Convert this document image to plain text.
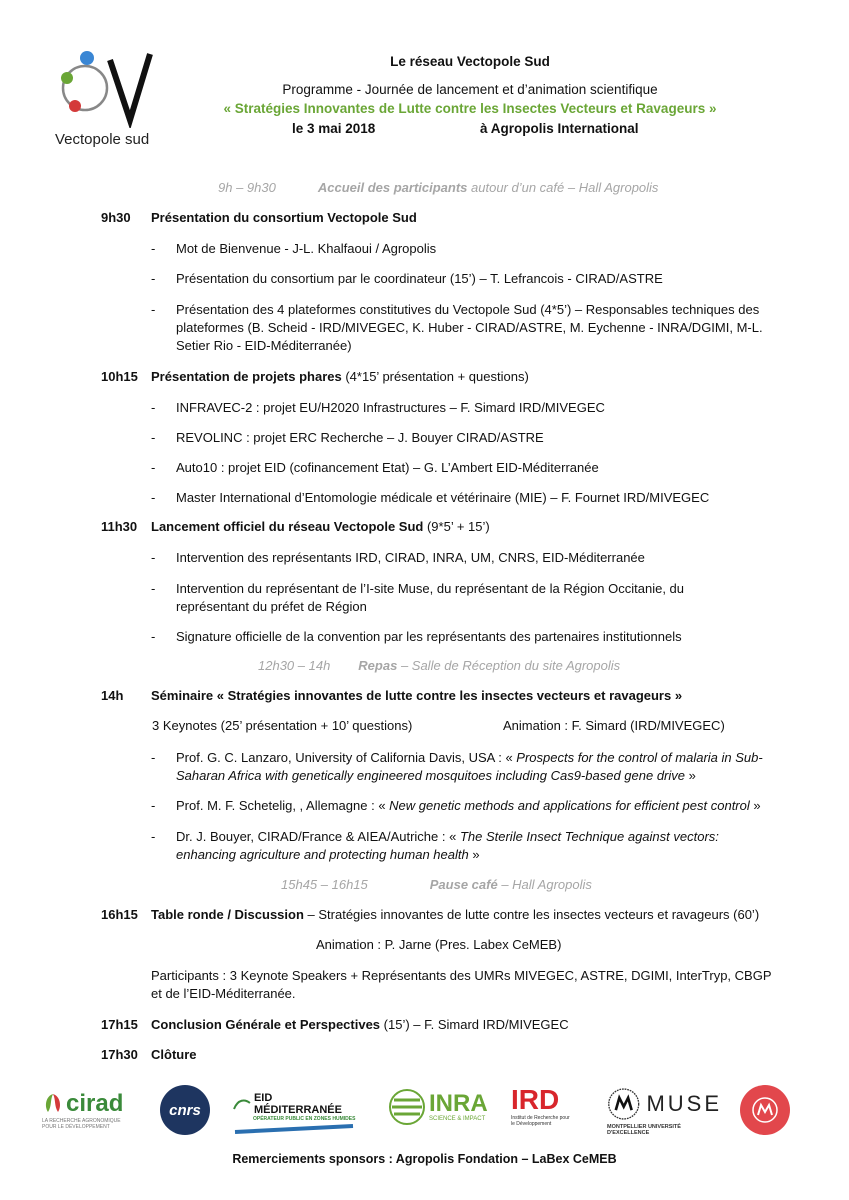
Vectopole sud
Le réseau Vectopole Sud
Programme - Journée de lancement et d’animation scientifique
« Stratégies Innovantes de Lutte contre les Insectes Vecteurs et Ravageurs »
le 3 mai 2018	à Agropolis International
9h – 9h30	Accueil des participants autour d’un café – Hall Agropolis
9h30 Présentation du consortium Vectopole Sud
- Mot de Bienvenue - J-L. Khalfaoui / Agropolis
- Présentation du consortium par le coordinateur (15’) – T. Lefrancois - CIRAD/ASTRE
- Présentation des 4 plateformes constitutives du Vectopole Sud (4*5’) – Responsables techniques des plateformes (B. Scheid - IRD/MIVEGEC, K. Huber - CIRAD/ASTRE, M. Eychenne - INRA/DGIMI, M-L. Setier Rio - EID-Méditerranée)
10h15 Présentation de projets phares (4*15’ présentation + questions)
- INFRAVEC-2 : projet EU/H2020 Infrastructures – F. Simard IRD/MIVEGEC
- REVOLINC : projet ERC Recherche – J. Bouyer CIRAD/ASTRE
- Auto10 : projet EID (cofinancement Etat) – G. L’Ambert EID-Méditerranée
- Master International d’Entomologie médicale et vétérinaire (MIE) – F. Fournet IRD/MIVEGEC
11h30 Lancement officiel du réseau Vectopole Sud (9*5’ + 15’)
- Intervention des représentants IRD, CIRAD, INRA, UM, CNRS, EID-Méditerranée
- Intervention du représentant de l’I-site Muse, du représentant de la Région Occitanie, du représentant du préfet de Région
- Signature officielle de la convention par les représentants des partenaires institutionnels
12h30 – 14h Repas – Salle de Réception du site Agropolis
14h Séminaire « Stratégies innovantes de lutte contre les insectes vecteurs et ravageurs »
3 Keynotes (25’ présentation + 10’ questions)	Animation : F. Simard (IRD/MIVEGEC)
- Prof. G. C. Lanzaro, University of California Davis, USA : « Prospects for the control of malaria in Sub-Saharan Africa with genetically engineered mosquitoes including Cas9-based gene drive »
- Prof. M. F. Schetelig, , Allemagne : « New genetic methods and applications for efficient pest control »
- Dr. J. Bouyer, CIRAD/France & AIEA/Autriche : « The Sterile Insect Technique against vectors: enhancing agriculture and protecting human health »
15h45 – 16h15	Pause café – Hall Agropolis
16h15 Table ronde / Discussion – Stratégies innovantes de lutte contre les insectes vecteurs et ravageurs (60’)
Animation : P. Jarne (Pres. Labex CeMEB)
Participants : 3 Keynote Speakers + Représentants des UMRs MIVEGEC, ASTRE, DGIMI, InterTryp, CBGP et de l’EID-Méditerranée.
17h15 Conclusion Générale et Perspectives (15’) – F. Simard IRD/MIVEGEC
17h30 Clôture
cirad
LA RECHERCHE AGRONOMIQUE POUR LE DÉVELOPPEMENT
cnrs
EID MÉDITERRANÉE
OPÉRATEUR PUBLIC EN ZONES HUMIDES
INRA
SCIENCE & IMPACT
IRD
Institut de Recherche pour le Développement
MUSE
MONTPELLIER UNIVERSITÉ D'EXCELLENCE
Remerciements sponsors : Agropolis Fondation – LaBex CeMEB
